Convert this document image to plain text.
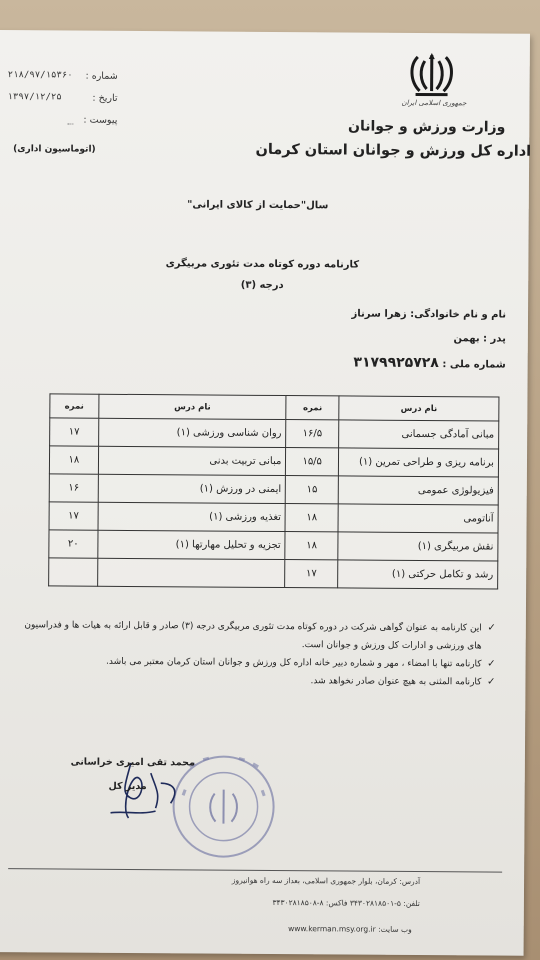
جمهوری اسلامی ایران
وزارت ورزش و جوانان
اداره کل ورزش و جوانان استان کرمان
۲۱۸/۹۷/۱۵۳۶۰ شماره :
۱۳۹۷/۱۲/۲۵	تاریخ :
پیوست :
(اتوماسیون اداری)
سال"حمایت از کالای ایرانی"
کارنامه دوره کوتاه مدت تئوری مربیگری
درجه (۳)
نام و نام خانوادگی: زهرا سرناز
پدر : بهمن
شماره ملی : ۳۱۷۹۹۲۵۷۲۸
نام درس	نمره	نام درس	نمره
مبانی آمادگی جسمانی	۱۶/۵	روان شناسی ورزشی (۱)	۱۷
برنامه ریزی و طراحی تمرین (۱)	۱۵/۵	مبانی تربیت بدنی	۱۸
فیزیولوژی عمومی	۱۵	ایمنی در ورزش (۱)	۱۶
آناتومی	۱۸	تغذیه ورزشی (۱)	۱۷
نقش مربیگری (۱)	۱۸	تجزیه و تحلیل مهارتها (۱)	۲۰
رشد و تکامل حرکتی (۱)	۱۷		
✓
این کارنامه به عنوان گواهی شرکت در دوره کوتاه مدت تئوری مربیگری درجه (۳) صادر و قابل ارائه به هیات ها و فدراسیون های ورزشی و ادارات کل ورزش و جوانان است.
✓
کارنامه تنها با امضاء ، مهر و شماره دبیر خانه اداره کل ورزش و جوانان استان کرمان معتبر می باشد.
✓
کارنامه المثنی به هیچ عنوان صادر نخواهد شد.
محمد تقی امیری خراسانی
مدیر کل
آدرس: کرمان، بلوار جمهوری اسلامی، بعداز سه راه هوانیروز
تلفن: ۵-۳۴۳۰۲۸۱۸۵۰۱ فاکس: ۸-۳۴۳۰۲۸۱۸۵۰۸
وب سایت: www.kerman.msy.org.ir
